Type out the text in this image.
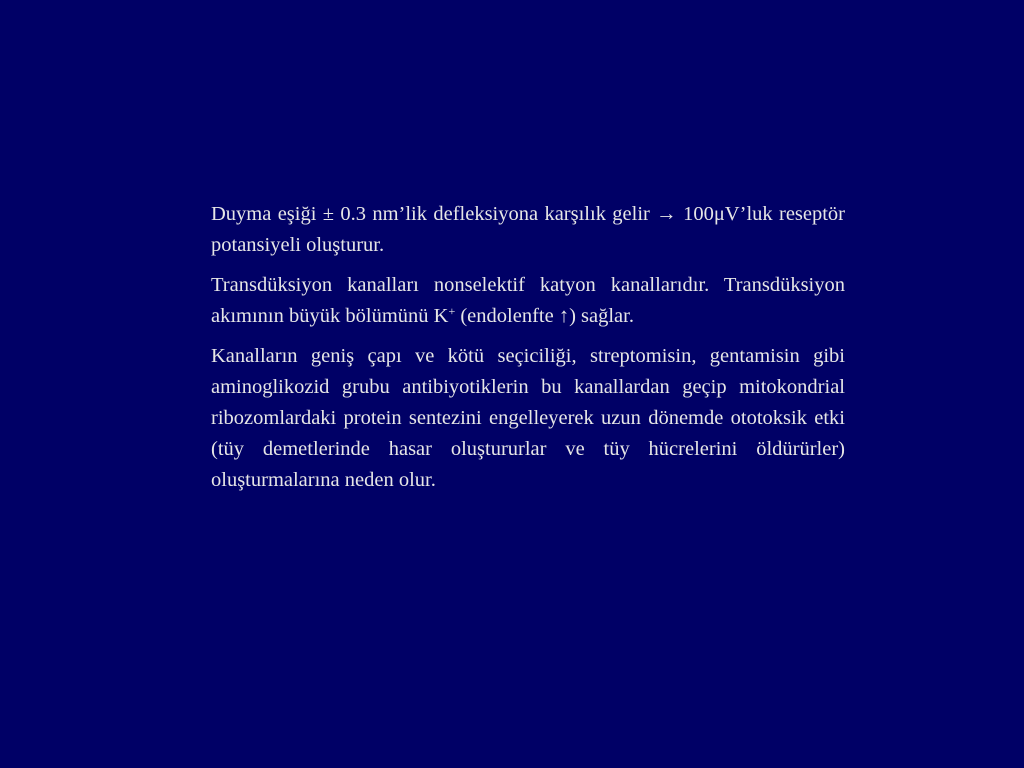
Duyma eşiği ± 0.3 nm’lik defleksiyona karşılık gelir → 100μV’luk reseptör potansiyeli oluşturur.

Transdüksiyon kanalları nonselektif katyon kanallarıdır. Transdüksiyon akımının büyük bölümünü K+ (endolenfte ↑) sağlar.

Kanalların geniş çapı ve kötü seçiciliği, streptomisin, gentamisin gibi aminoglikozid grubu antibiyotiklerin bu kanallardan geçip mitokondrial ribozomlardaki protein sentezini engelleyerek uzun dönemde ototoksik etki (tüy demetlerinde hasar oluştururlar ve tüy hücrelerini öldürürler) oluşturmalarına neden olur.
